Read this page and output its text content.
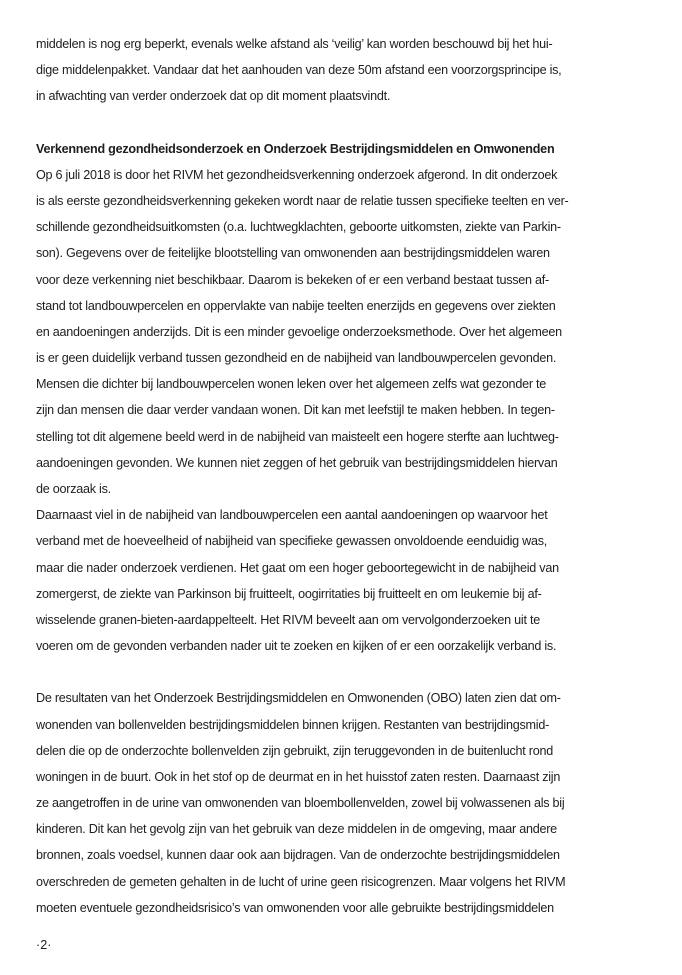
middelen is nog erg beperkt, evenals welke afstand als ‘veilig’ kan worden beschouwd bij het hui-
dige middelenpakket. Vandaar dat het aanhouden van deze 50m afstand een voorzorgsprincipe is,
in afwachting van verder onderzoek dat op dit moment plaatsvindt.
Verkennend gezondheidsonderzoek en Onderzoek Bestrijdingsmiddelen en Omwonenden
Op 6 juli 2018 is door het RIVM het gezondheidsverkenning onderzoek afgerond. In dit onderzoek
is als eerste gezondheidsverkenning gekeken wordt naar de relatie tussen specifieke teelten en ver-
schillende gezondheidsuitkomsten (o.a. luchtwegklachten, geboorte uitkomsten, ziekte van Parkin-
son). Gegevens over de feitelijke blootstelling van omwonenden aan bestrijdingsmiddelen waren
voor deze verkenning niet beschikbaar. Daarom is bekeken of er een verband bestaat tussen af-
stand tot landbouwpercelen en oppervlakte van nabije teelten enerzijds en gegevens over ziekten
en aandoeningen anderzijds. Dit is een minder gevoelige onderzoeksmethode. Over het algemeen
is er geen duidelijk verband tussen gezondheid en de nabijheid van landbouwpercelen gevonden.
Mensen die dichter bij landbouwpercelen wonen leken over het algemeen zelfs wat gezonder te
zijn dan mensen die daar verder vandaan wonen. Dit kan met leefstijl te maken hebben. In tegen-
stelling tot dit algemene beeld werd in de nabijheid van maisteelt een hogere sterfte aan luchtweg-
aandoeningen gevonden. We kunnen niet zeggen of het gebruik van bestrijdingsmiddelen hiervan
de oorzaak is.
Daarnaast viel in de nabijheid van landbouwpercelen een aantal aandoeningen op waarvoor het
verband met de hoeveelheid of nabijheid van specifieke gewassen onvoldoende eenduidig was,
maar die nader onderzoek verdienen. Het gaat om een hoger geboortegewicht in de nabijheid van
zomergerst, de ziekte van Parkinson bij fruitteelt, oogirritaties bij fruitteelt en om leukemie bij af-
wisselende granen-bieten-aardappelteelt. Het RIVM beveelt aan om vervolgonderzoeken uit te
voeren om de gevonden verbanden nader uit te zoeken en kijken of er een oorzakelijk verband is.
De resultaten van het Onderzoek Bestrijdingsmiddelen en Omwonenden (OBO) laten zien dat om-
wonenden van bollenvelden bestrijdingsmiddelen binnen krijgen. Restanten van bestrijdingsmid-
delen die op de onderzochte bollenvelden zijn gebruikt, zijn teruggevonden in de buitenlucht rond
woningen in de buurt. Ook in het stof op de deurmat en in het huisstof zaten resten. Daarnaast zijn
ze aangetroffen in de urine van omwonenden van bloembollenvelden, zowel bij volwassenen als bij
kinderen. Dit kan het gevolg zijn van het gebruik van deze middelen in de omgeving, maar andere
bronnen, zoals voedsel, kunnen daar ook aan bijdragen. Van de onderzochte bestrijdingsmiddelen
overschreden de gemeten gehalten in de lucht of urine geen risicogrenzen. Maar volgens het RIVM
moeten eventuele gezondheidsrisico’s van omwonenden voor alle gebruikte bestrijdingsmiddelen
·2·
